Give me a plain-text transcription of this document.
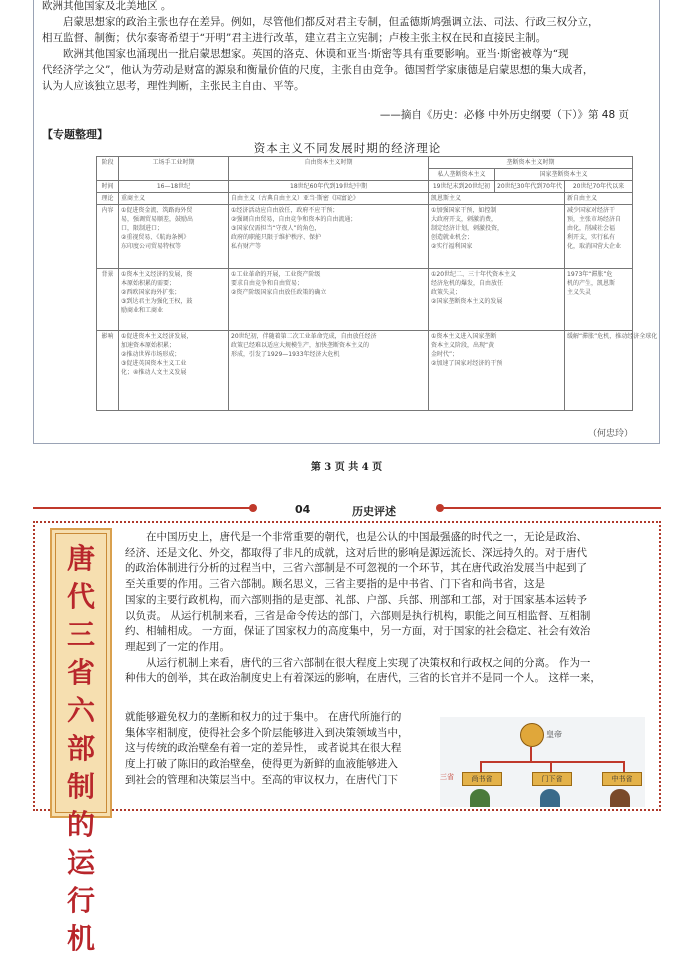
欧洲其他国家及北美地区 。
启蒙思想家的政治主张也存在差异。例如，尽管他们都反对君主专制，但孟德斯鸠强调立法、司法、行政三权分立，
相互监督、制衡；伏尔泰寄希望于“开明”君主进行改革，建立君主立宪制；卢梭主张主权在民和直接民主制。
欧洲其他国家也涌现出一批启蒙思想家。英国的洛克、休谟和亚当·斯密等具有重要影响。亚当·斯密被尊为“现
代经济学之父”，他认为劳动是财富的源泉和衡量价值的尺度，主张自由竞争。德国哲学家康德是启蒙思想的集大成者，
认为人应该独立思考，理性判断，主张民主自由、平等。
——摘自《历史：必修 中外历史纲要（下）》第 48 页
【专题整理】
资本主义不同发展时期的经济理论
阶段	工场手工业时期	自由资本主义时期	垄断资本主义时期		
			私人垄断资本主义	国家垄断资本主义	
时间	16—18世纪	18世纪60年代到19世纪中期	19世纪末到20世纪初	20世纪30年代到70年代	20世纪70年代以来
理论	重商主义	自由主义（古典自由主义）亚当·斯密《国富论》	凯恩斯主义		新自由主义
内容	①促进资金流、筑路海外贸
易，强调贸易顺差，鼓励出
口，限制进口；
②重视贸易、《航海条例》
东印度公司贸易特权等	①经济活动应自由放任，政府不应干预；
②强调自由贸易，自由竞争和资本的自由流通；
③国家仅需担当“守夜人”的角色，
政府的职能只限于维护秩序、保护
私有财产等	①加强国家干预，如控制
大政府开支，刺激消费，
制定经济计划，刺激投资，
创造就业机会；
②实行福利国家		减少国家对经济干
预，主张市场经济自
由化，削减社会福
利开支，实行私有
化，取消国营大企业

背景	①资本主义经济的发展，资
本原始积累的需要；
②西欧国家海外扩张；
③到达君主为强化王权，鼓
励商业和工商业	①工业革命的开展，工业资产阶级
要求自由竞争和自由贸易；
②资产阶级国家自由放任政策的确立	①20世纪二、三十年代资本主义
经济危机的爆发，自由放任
政策失灵；
②国家垄断资本主义的发展		1973年“滞胀”危
机的产生，凯恩斯
主义失灵

影响	①促进资本主义经济发展，
加速资本原始积累；
②推动世界市场形成；
③促进英国资本主义工业
化；④推动人文主义发展	20世纪初，伴随着第二次工业革命完成，自由放任经济
政策已经难以适应大规模生产，加快垄断资本主义的
形成，引发了1929—1933年经济大危机	①资本主义进入国家垄断
资本主义阶段，出现“黄
金时代”；
②加速了国家对经济的干预		缓解“滞胀”危机，推动经济全球化
（何忠玲）
第 3 页 共 4 页
04	历史评述
唐
代
三
省
六
部
制
的
运
行
机
在中国历史上，唐代是一个非常重要的朝代，也是公认的中国最强盛的时代之一，无论是政治、
经济、还是文化、外交，都取得了非凡的成就，这对后世的影响是源远流长、深远持久的。对于唐代
的政治体制进行分析的过程当中，三省六部制是不可忽视的一个环节，其在唐代政治发展当中起到了
至关重要的作用。三省六部制。顾名思义，三省主要指的是中书省、门下省和尚书省，这是
国家的主要行政机构，而六部则指的是吏部、礼部、户部、兵部、刑部和工部，对于国家基本运转予
以负责。 从运行机制来看，三省是命令传达的部门，六部则是执行机构，职能之间互相监督、互相制
约、相辅相成。 一方面，保证了国家权力的高度集中，另一方面，对于国家的社会稳定、社会有效治
理起到了一定的作用。
从运行机制上来看，唐代的三省六部制在很大程度上实现了决策权和行政权之间的分离。 作为一
种伟大的创举，其在政治制度史上有着深远的影响，在唐代，三省的长官并不是同一个人。 这样一来，
就能够避免权力的垄断和权力的过于集中。 在唐代所施行的
集体宰相制度，使得社会多个阶层能够进入到决策领域当中，
这与传统的政治壁垒有着一定的差异性， 或者说其在很大程
度上打破了陈旧的政治壁垒，使得更为新鲜的血液能够进入
到社会的管理和决策层当中。至高的审议权力，在唐代门下
皇帝
三省	尚书省	门下省	中书省
